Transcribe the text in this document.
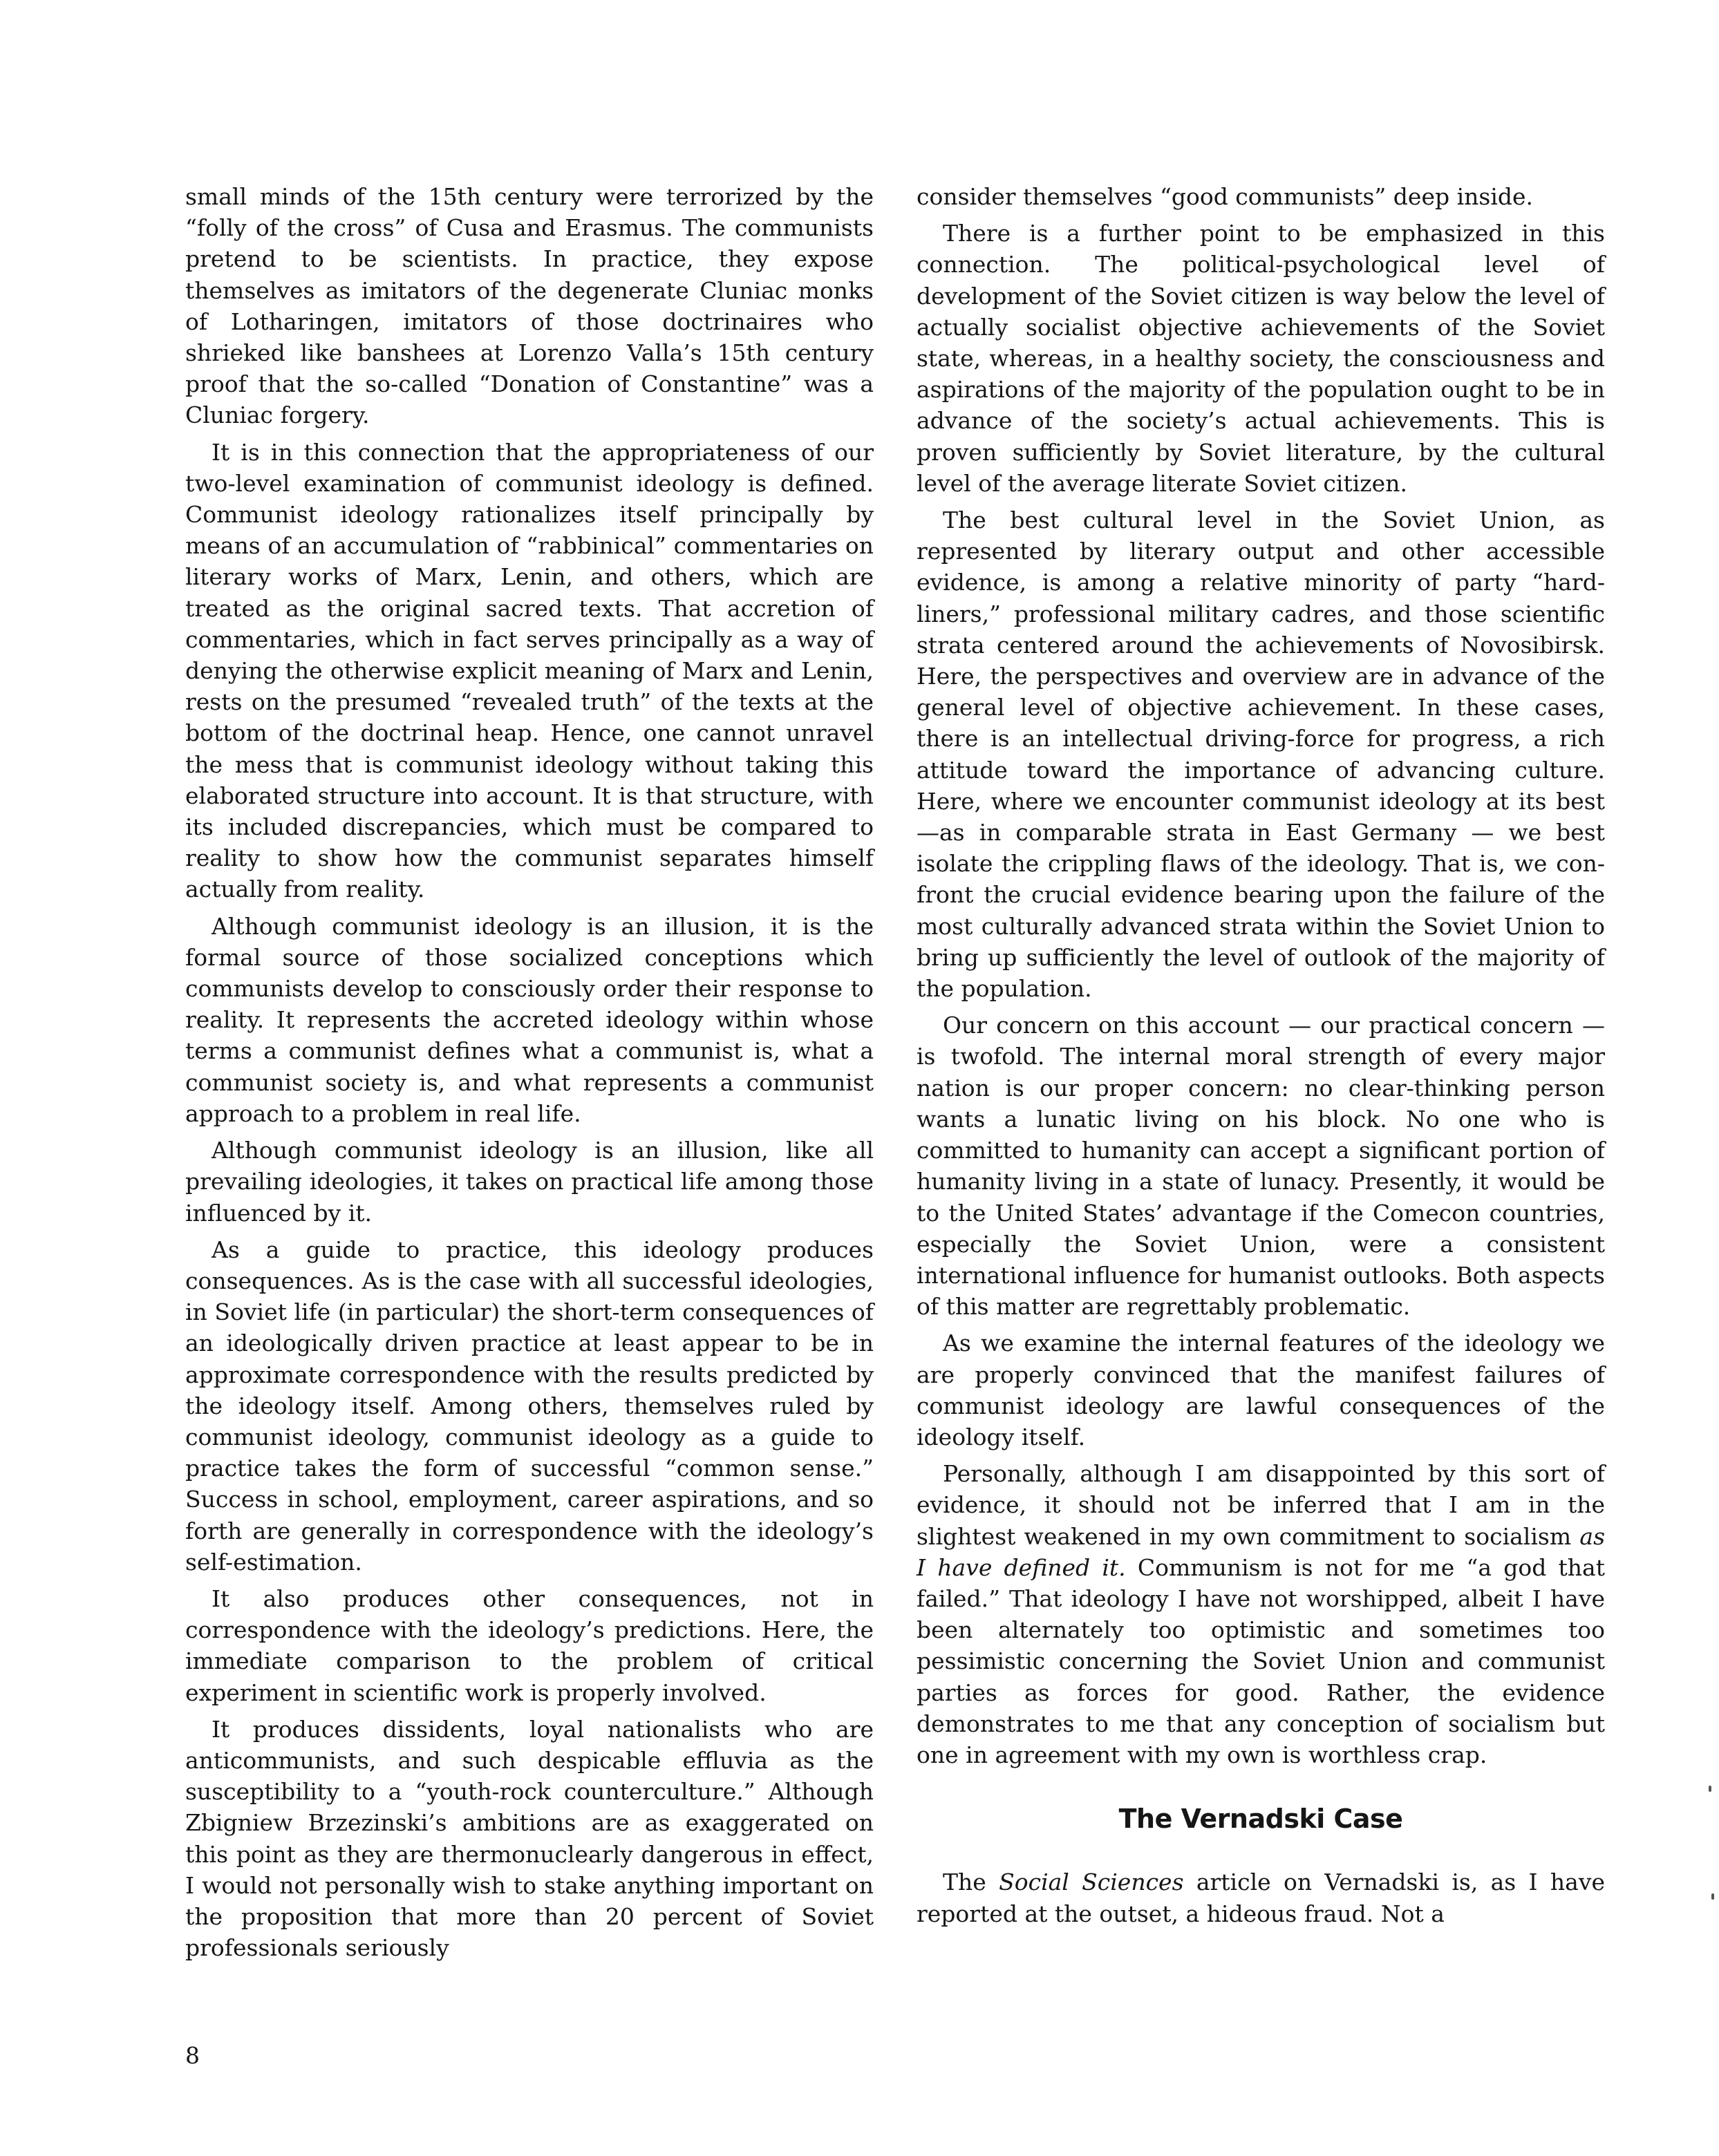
small minds of the 15th century were terrorized by the “folly of the cross” of Cusa and Erasmus. The communists pretend to be scientists. In practice, they expose themselves as imitators of the degenerate Cluniac monks of Lotharingen, imitators of those doctrinaires who shrieked like banshees at Lorenzo Valla’s 15th century proof that the so-called “Donation of Constantine” was a Cluniac forgery.

It is in this connection that the appropriateness of our two-level examination of communist ideology is defined. Communist ideology rationalizes itself principally by means of an accumulation of “rabbinical” commentaries on literary works of Marx, Lenin, and others, which are treated as the original sacred texts. That accretion of commentaries, which in fact serves principally as a way of denying the otherwise explicit meaning of Marx and Lenin, rests on the presumed “revealed truth” of the texts at the bottom of the doctrinal heap. Hence, one cannot unravel the mess that is communist ideology without taking this elaborated structure into account. It is that structure, with its included discrepancies, which must be compared to reality to show how the communist separates himself actually from reality.

Although communist ideology is an illusion, it is the formal source of those socialized conceptions which communists develop to consciously order their response to reality. It represents the accreted ideology within whose terms a communist defines what a communist is, what a communist society is, and what represents a communist approach to a problem in real life.

Although communist ideology is an illusion, like all prevailing ideologies, it takes on practical life among those influenced by it.

As a guide to practice, this ideology produces consequences. As is the case with all successful ideologies, in Soviet life (in particular) the short-term consequences of an ideologically driven practice at least appear to be in approximate correspondence with the results predicted by the ideology itself. Among others, themselves ruled by communist ideology, communist ideology as a guide to practice takes the form of successful “common sense.” Success in school, employment, career aspirations, and so forth are generally in correspondence with the ideology’s self-estimation.

It also produces other consequences, not in correspondence with the ideology’s predictions. Here, the immediate comparison to the problem of critical experiment in scientific work is properly involved.

It produces dissidents, loyal nationalists who are anticommunists, and such despicable effluvia as the susceptibility to a “youth-rock counterculture.” Although Zbigniew Brzezinski’s ambitions are as exaggerated on this point as they are thermonuclearly dangerous in effect, I would not personally wish to stake anything important on the proposition that more than 20 percent of Soviet professionals seriously

consider themselves “good communists” deep inside.

There is a further point to be emphasized in this connection. The political-psychological level of development of the Soviet citizen is way below the level of actually socialist objective achievements of the Soviet state, whereas, in a healthy society, the consciousness and aspirations of the majority of the population ought to be in advance of the society’s actual achievements. This is proven sufficiently by Soviet literature, by the cultural level of the average literate Soviet citizen.

The best cultural level in the Soviet Union, as represented by literary output and other accessible evidence, is among a relative minority of party “hardliners,” professional military cadres, and those scientific strata centered around the achievements of Novosibirsk. Here, the perspectives and overview are in advance of the general level of objective achievement. In these cases, there is an intellectual driving-force for progress, a rich attitude toward the importance of advancing culture. Here, where we encounter communist ideology at its best—as in comparable strata in East Germany — we best isolate the crippling flaws of the ideology. That is, we confront the crucial evidence bearing upon the failure of the most culturally advanced strata within the Soviet Union to bring up sufficiently the level of outlook of the majority of the population.

Our concern on this account — our practical concern — is twofold. The internal moral strength of every major nation is our proper concern: no clear-thinking person wants a lunatic living on his block. No one who is committed to humanity can accept a significant portion of humanity living in a state of lunacy. Presently, it would be to the United States’ advantage if the Comecon countries, especially the Soviet Union, were a consistent international influence for humanist outlooks. Both aspects of this matter are regrettably problematic.

As we examine the internal features of the ideology we are properly convinced that the manifest failures of communist ideology are lawful consequences of the ideology itself.

Personally, although I am disappointed by this sort of evidence, it should not be inferred that I am in the slightest weakened in my own commitment to socialism as I have defined it. Communism is not for me “a god that failed.” That ideology I have not worshipped, albeit I have been alternately too optimistic and sometimes too pessimistic concerning the Soviet Union and communist parties as forces for good. Rather, the evidence demonstrates to me that any conception of socialism but one in agreement with my own is worthless crap.

The Vernadski Case

The Social Sciences article on Vernadski is, as I have reported at the outset, a hideous fraud. Not a

8
